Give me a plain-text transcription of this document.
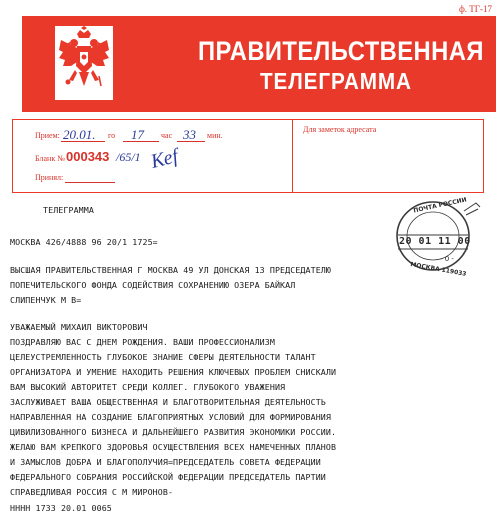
ф. ТГ-17
ПРАВИТЕЛЬСТВЕННАЯ
ТЕЛЕГРАММА
Прием: 20.01. го 17 час 33 мин.
Бланк № 000343 /65/1 Кеf
Принял:
Для заметок адресата
ПОЧТА РОССИИ
20 01 11 00
- 0 -
МОСКВА 119033
ТЕЛЕГРАММА
МОСКВА 426/4888 96 20/1 1725=
ВЫСШАЯ ПРАВИТЕЛЬСТВЕННАЯ Г МОСКВА 49 УЛ ДОНСКАЯ 13 ПРЕДСЕДАТЕЛЮ
ПОПЕЧИТЕЛЬСКОГО ФОНДА СОДЕЙСТВИЯ СОХРАНЕНИЮ ОЗЕРА БАЙКАЛ
СЛИПЕНЧУК М В=
УВАЖАЕМЫЙ МИХАИЛ ВИКТОРОВИЧ
ПОЗДРАВЛЯЮ ВАС С ДНЕМ РОЖДЕНИЯ. ВАШИ ПРОФЕССИОНАЛИЗМ
ЦЕЛЕУСТРЕМЛЕННОСТЬ ГЛУБОКОЕ ЗНАНИЕ СФЕРЫ ДЕЯТЕЛЬНОСТИ ТАЛАНТ
ОРГАНИЗАТОРА И УМЕНИЕ НАХОДИТЬ РЕШЕНИЯ КЛЮЧЕВЫХ ПРОБЛЕМ СНИСКАЛИ
ВАМ ВЫСОКИЙ АВТОРИТЕТ СРЕДИ КОЛЛЕГ. ГЛУБОКОГО УВАЖЕНИЯ
ЗАСЛУЖИВАЕТ ВАША ОБЩЕСТВЕННАЯ И БЛАГОТВОРИТЕЛЬНАЯ ДЕЯТЕЛЬНОСТЬ
НАПРАВЛЕННАЯ НА СОЗДАНИЕ БЛАГОПРИЯТНЫХ УСЛОВИЙ ДЛЯ ФОРМИРОВАНИЯ
ЦИВИЛИЗОВАННОГО БИЗНЕСА И ДАЛЬНЕЙШЕГО РАЗВИТИЯ ЭКОНОМИКИ РОССИИ.
ЖЕЛАЮ ВАМ КРЕПКОГО ЗДОРОВЬЯ ОСУЩЕСТВЛЕНИЯ ВСЕХ НАМЕЧЕННЫХ ПЛАНОВ
И ЗАМЫСЛОВ ДОБРА И БЛАГОПОЛУЧИЯ=ПРЕДСЕДАТЕЛЬ СОВЕТА ФЕДЕРАЦИИ
ФЕДЕРАЛЬНОГО СОБРАНИЯ РОССИЙСКОЙ ФЕДЕРАЦИИ ПРЕДСЕДАТЕЛЬ ПАРТИИ
СПРАВЕДЛИВАЯ РОССИЯ С М МИРОНОВ-
НННН 1733 20.01 0065
